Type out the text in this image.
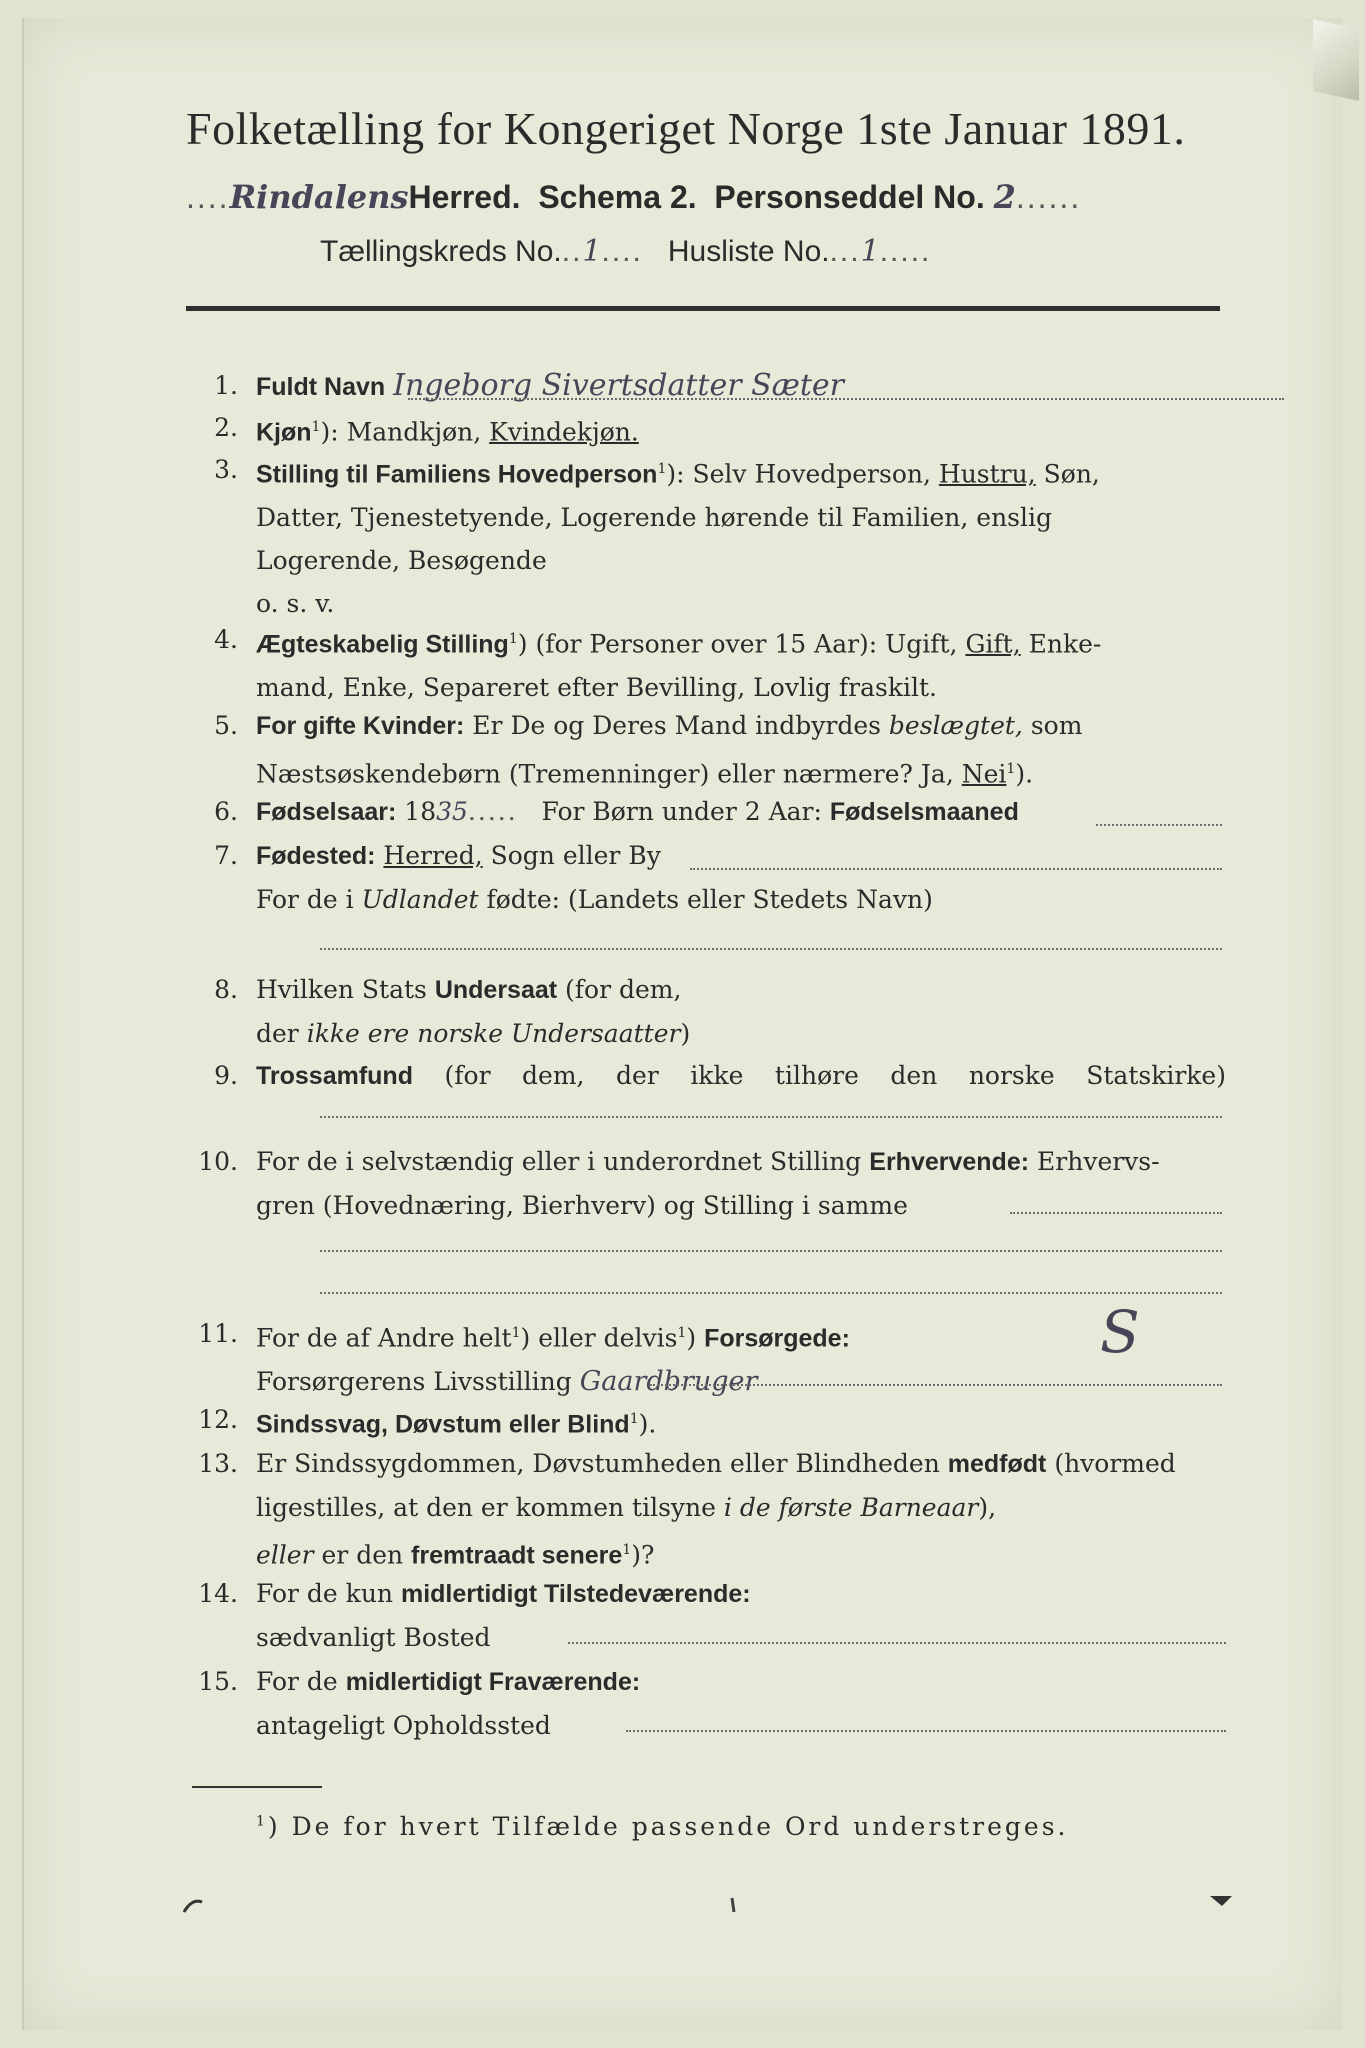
Folketælling for Kongeriget Norge 1ste Januar 1891.
....RindalensHerred. Schema 2. Personseddel No. 2......
Tællingskreds No...1.... Husliste No....1.....
1. Fuldt Navn Ingeborg Sivertsdatter Sæter
2. Kjøn$^1$): Mandkjøn, Kvindekjøn.
3. Stilling til Familiens Hovedperson$^1$): Selv Hovedperson, Hustru, Søn,
Datter, Tjenestetyende, Logerende hørende til Familien, enslig
Logerende, Besøgende
o. s. v.
4. Ægteskabelig Stilling$^1$) (for Personer over 15 Aar): Ugift, Gift, Enke-
mand, Enke, Separeret efter Bevilling, Lovlig fraskilt.
5. For gifte Kvinder: Er De og Deres Mand indbyrdes beslægtet, som
Næstsøskendebørn (Tremenninger) eller nærmere? Ja, Nei$^1$).
6. Fødselsaar: 1835..... For Børn under 2 Aar: Fødselsmaaned
7. Fødested: Herred, Sogn eller By
For de i Udlandet fødte: (Landets eller Stedets Navn)
8. Hvilken Stats Undersaat (for dem,
der ikke ere norske Undersaatter)
9. Trossamfund (for dem, der ikke tilhøre den norske Statskirke)
10. For de i selvstændig eller i underordnet Stilling Erhvervende: Erhvervs-
gren (Hovednæring, Bierhverv) og Stilling i samme
11. For de af Andre helt$^1$) eller delvis$^1$) Forsørgede:
Forsørgerens Livsstilling Gaardbruger
S
12. Sindssvag, Døvstum eller Blind$^1$).
13. Er Sindssygdommen, Døvstumheden eller Blindheden medfødt (hvormed
ligestilles, at den er kommen tilsyne i de første Barneaar),
eller er den fremtraadt senere$^1$)?
14. For de kun midlertidigt Tilstedeværende:
sædvanligt Bosted
15. For de midlertidigt Fraværende:
antageligt Opholdssted
$^1$) De for hvert Tilfælde passende Ord understreges.
